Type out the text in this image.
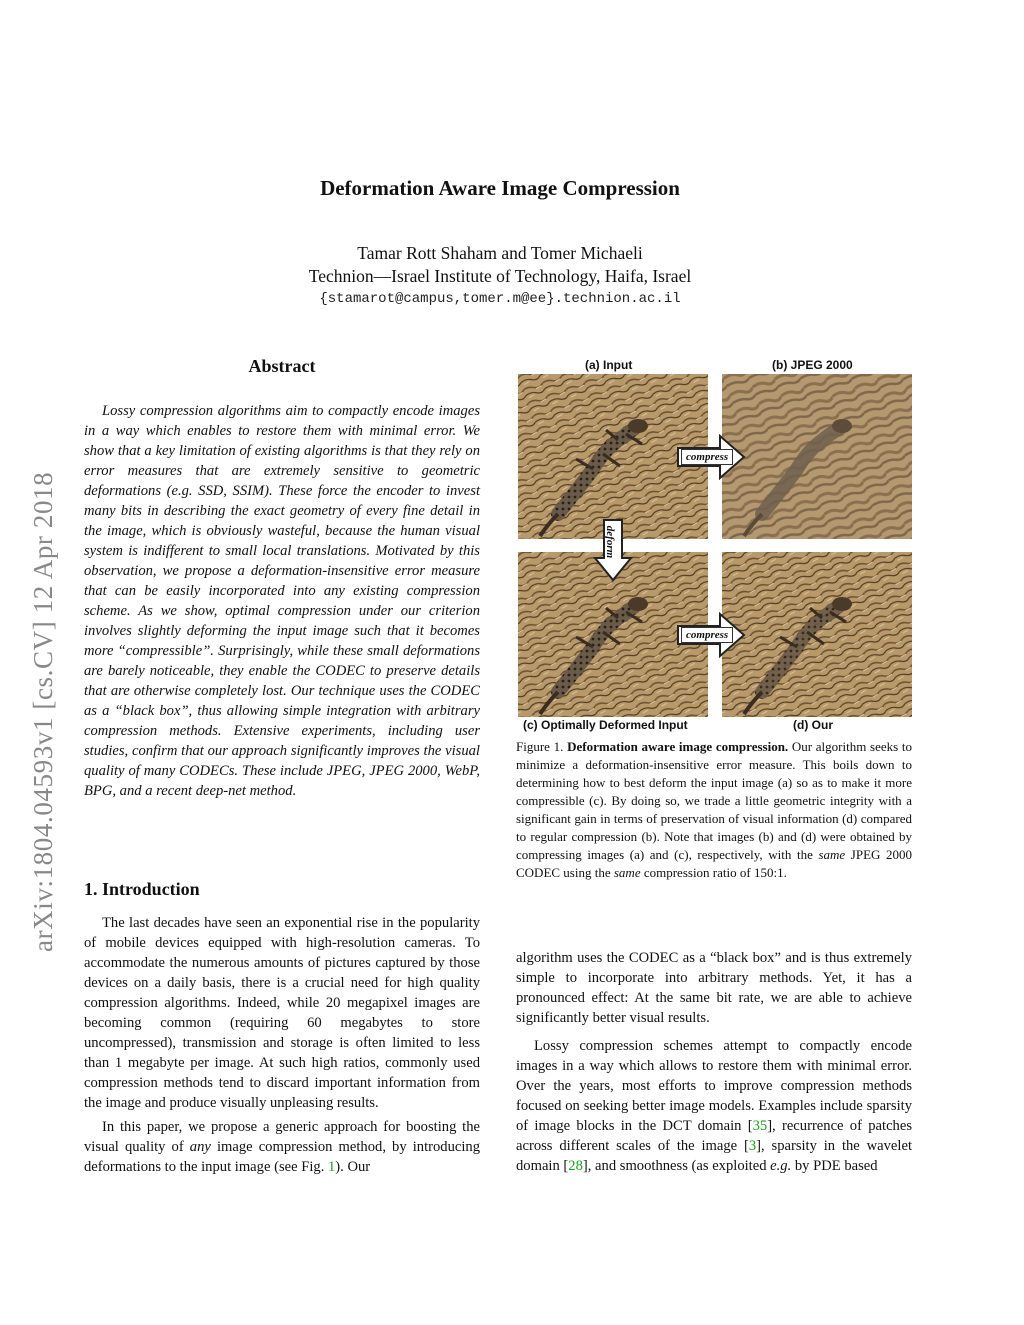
arXiv:1804.04593v1 [cs.CV] 12 Apr 2018
Deformation Aware Image Compression
Tamar Rott Shaham and Tomer Michaeli
Technion—Israel Institute of Technology, Haifa, Israel
{stamarot@campus,tomer.m@ee}.technion.ac.il
Abstract
Lossy compression algorithms aim to compactly encode images in a way which enables to restore them with minimal error. We show that a key limitation of existing algorithms is that they rely on error measures that are extremely sensitive to geometric deformations (e.g. SSD, SSIM). These force the encoder to invest many bits in describing the exact geometry of every fine detail in the image, which is obviously wasteful, because the human visual system is indifferent to small local translations. Motivated by this observation, we propose a deformation-insensitive error measure that can be easily incorporated into any existing compression scheme. As we show, optimal compression under our criterion involves slightly deforming the input image such that it becomes more “compressible”. Surprisingly, while these small deformations are barely noticeable, they enable the CODEC to preserve details that are otherwise completely lost. Our technique uses the CODEC as a “black box”, thus allowing simple integration with arbitrary compression methods. Extensive experiments, including user studies, confirm that our approach significantly improves the visual quality of many CODECs. These include JPEG, JPEG 2000, WebP, BPG, and a recent deep-net method.
1. Introduction

The last decades have seen an exponential rise in the popularity of mobile devices equipped with high-resolution cameras. To accommodate the numerous amounts of pictures captured by those devices on a daily basis, there is a crucial need for high quality compression algorithms. Indeed, while 20 megapixel images are becoming common (requiring 60 megabytes to store uncompressed), transmission and storage is often limited to less than 1 megabyte per image. At such high ratios, commonly used compression methods tend to discard important information from the image and produce visually unpleasing results.

In this paper, we propose a generic approach for boosting the visual quality of any image compression method, by introducing deformations to the input image (see Fig. 1). Our

(a) Input	(b) JPEG 2000
compress
compress
deform
(c) Optimally Deformed Input	(d) Our
Figure 1. Deformation aware image compression. Our algorithm seeks to minimize a deformation-insensitive error measure. This boils down to determining how to best deform the input image (a) so as to make it more compressible (c). By doing so, we trade a little geometric integrity with a significant gain in terms of preservation of visual information (d) compared to regular compression (b). Note that images (b) and (d) were obtained by compressing images (a) and (c), respectively, with the same JPEG 2000 CODEC using the same compression ratio of 150:1.

algorithm uses the CODEC as a “black box” and is thus extremely simple to incorporate into arbitrary methods. Yet, it has a pronounced effect: At the same bit rate, we are able to achieve significantly better visual results.

Lossy compression schemes attempt to compactly encode images in a way which allows to restore them with minimal error. Over the years, most efforts to improve compression methods focused on seeking better image models. Examples include sparsity of image blocks in the DCT domain [35], recurrence of patches across different scales of the image [3], sparsity in the wavelet domain [28], and smoothness (as exploited e.g. by PDE based
